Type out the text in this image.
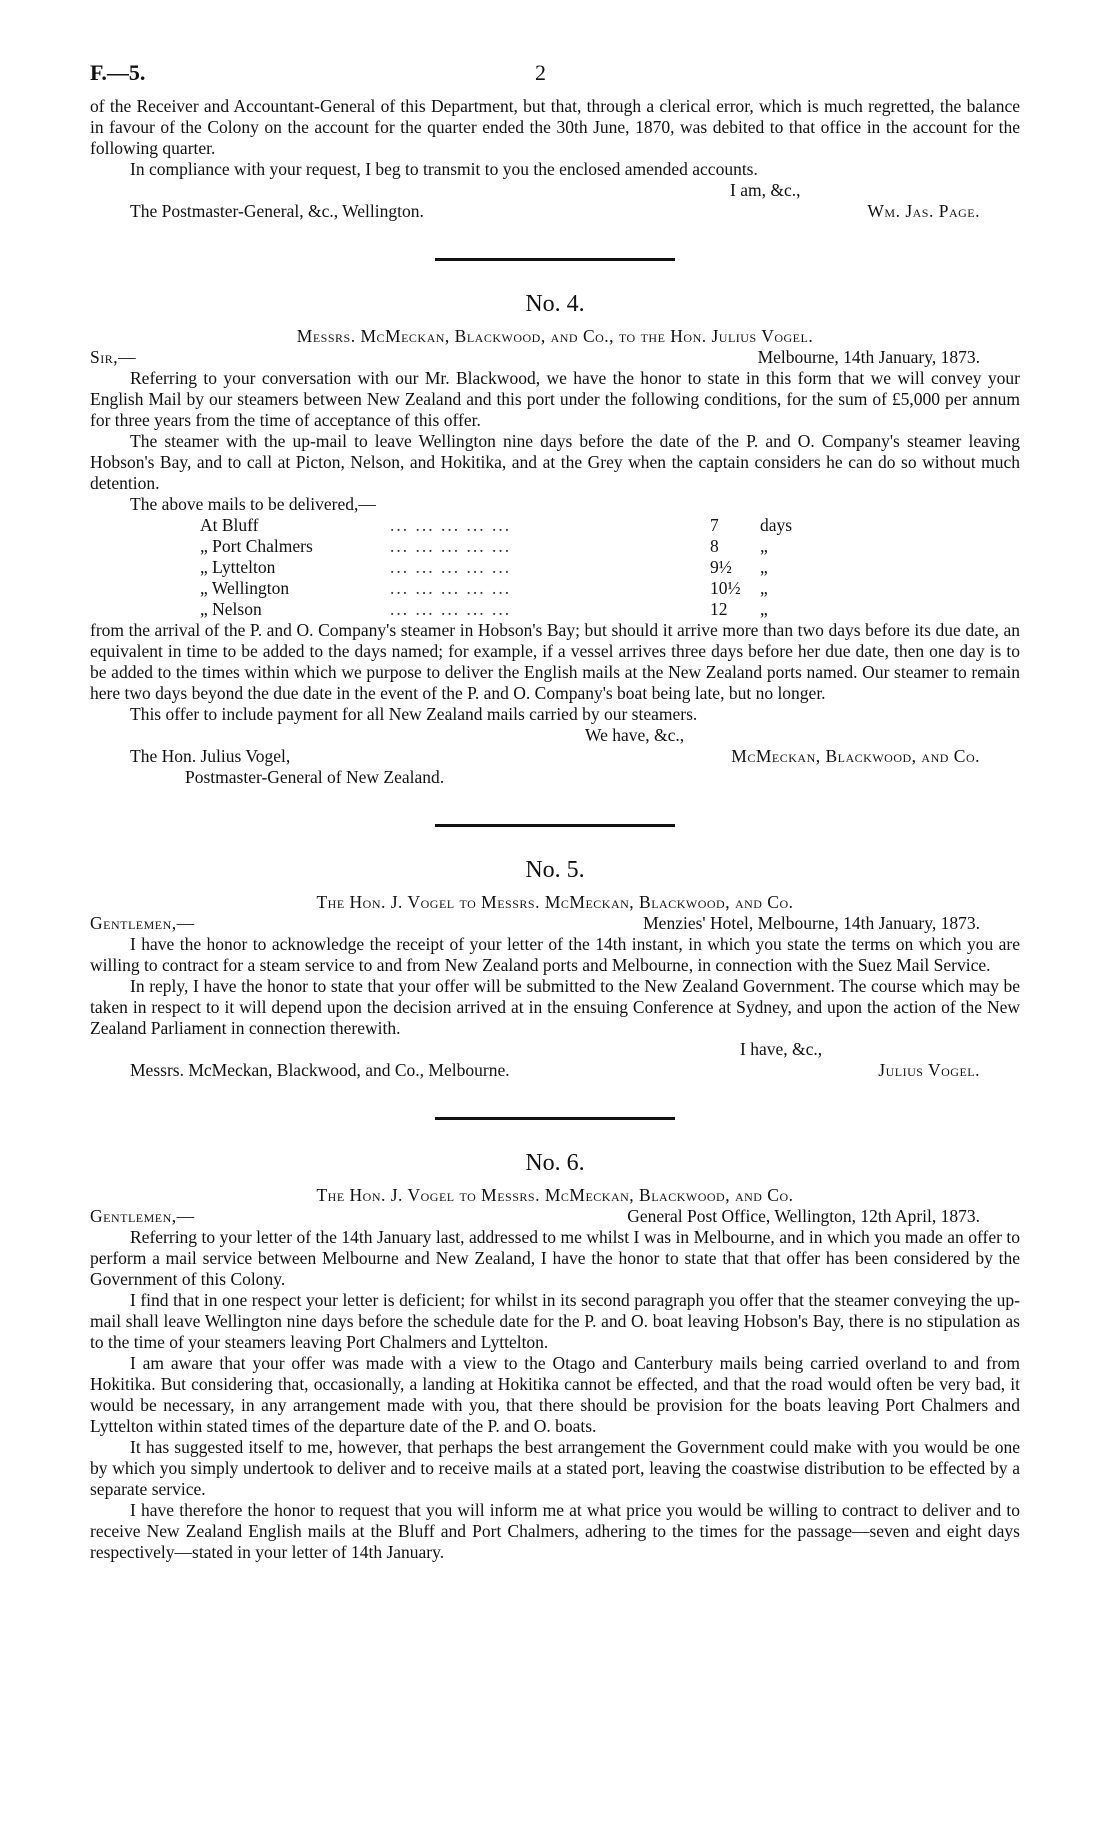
F.—5.	2

of the Receiver and Accountant-General of this Department, but that, through a clerical error, which is much regretted, the balance in favour of the Colony on the account for the quarter ended the 30th June, 1870, was debited to that office in the account for the following quarter.

In compliance with your request, I beg to transmit to you the enclosed amended accounts.

I am, &c.,
The Postmaster-General, &c., Wellington.	Wm. Jas. Page.
No. 4.
Messrs. McMeckan, Blackwood, and Co., to the Hon. Julius Vogel.
Sir,—	Melbourne, 14th January, 1873.

Referring to your conversation with our Mr. Blackwood, we have the honor to state in this form that we will convey your English Mail by our steamers between New Zealand and this port under the following conditions, for the sum of £5,000 per annum for three years from the time of acceptance of this offer.

The steamer with the up-mail to leave Wellington nine days before the date of the P. and O. Company's steamer leaving Hobson's Bay, and to call at Picton, Nelson, and Hokitika, and at the Grey when the captain considers he can do so without much detention.

The above mails to be delivered,—

At Bluff	... ... ... ... ...	7 days
„ Port Chalmers	... ... ... ... ...	8 „
„ Lyttelton	... ... ... ... ...	9½ „
„ Wellington	... ... ... ... ...	10½ „
„ Nelson	... ... ... ... ...	12 „

from the arrival of the P. and O. Company's steamer in Hobson's Bay; but should it arrive more than two days before its due date, an equivalent in time to be added to the days named; for example, if a vessel arrives three days before her due date, then one day is to be added to the times within which we purpose to deliver the English mails at the New Zealand ports named. Our steamer to remain here two days beyond the due date in the event of the P. and O. Company's boat being late, but no longer.

This offer to include payment for all New Zealand mails carried by our steamers.

We have, &c.,
The Hon. Julius Vogel,	McMeckan, Blackwood, and Co.
Postmaster-General of New Zealand.
No. 5.
The Hon. J. Vogel to Messrs. McMeckan, Blackwood, and Co.
Gentlemen,—	Menzies' Hotel, Melbourne, 14th January, 1873.

I have the honor to acknowledge the receipt of your letter of the 14th instant, in which you state the terms on which you are willing to contract for a steam service to and from New Zealand ports and Melbourne, in connection with the Suez Mail Service.

In reply, I have the honor to state that your offer will be submitted to the New Zealand Government. The course which may be taken in respect to it will depend upon the decision arrived at in the ensuing Conference at Sydney, and upon the action of the New Zealand Parliament in connection therewith.

I have, &c.,
Messrs. McMeckan, Blackwood, and Co., Melbourne.	Julius Vogel.
No. 6.
The Hon. J. Vogel to Messrs. McMeckan, Blackwood, and Co.
Gentlemen,—	General Post Office, Wellington, 12th April, 1873.

Referring to your letter of the 14th January last, addressed to me whilst I was in Melbourne, and in which you made an offer to perform a mail service between Melbourne and New Zealand, I have the honor to state that that offer has been considered by the Government of this Colony.

I find that in one respect your letter is deficient; for whilst in its second paragraph you offer that the steamer conveying the up-mail shall leave Wellington nine days before the schedule date for the P. and O. boat leaving Hobson's Bay, there is no stipulation as to the time of your steamers leaving Port Chalmers and Lyttelton.

I am aware that your offer was made with a view to the Otago and Canterbury mails being carried overland to and from Hokitika. But considering that, occasionally, a landing at Hokitika cannot be effected, and that the road would often be very bad, it would be necessary, in any arrangement made with you, that there should be provision for the boats leaving Port Chalmers and Lyttelton within stated times of the departure date of the P. and O. boats.

It has suggested itself to me, however, that perhaps the best arrangement the Government could make with you would be one by which you simply undertook to deliver and to receive mails at a stated port, leaving the coastwise distribution to be effected by a separate service.

I have therefore the honor to request that you will inform me at what price you would be willing to contract to deliver and to receive New Zealand English mails at the Bluff and Port Chalmers, adhering to the times for the passage—seven and eight days respectively—stated in your letter of 14th January.
